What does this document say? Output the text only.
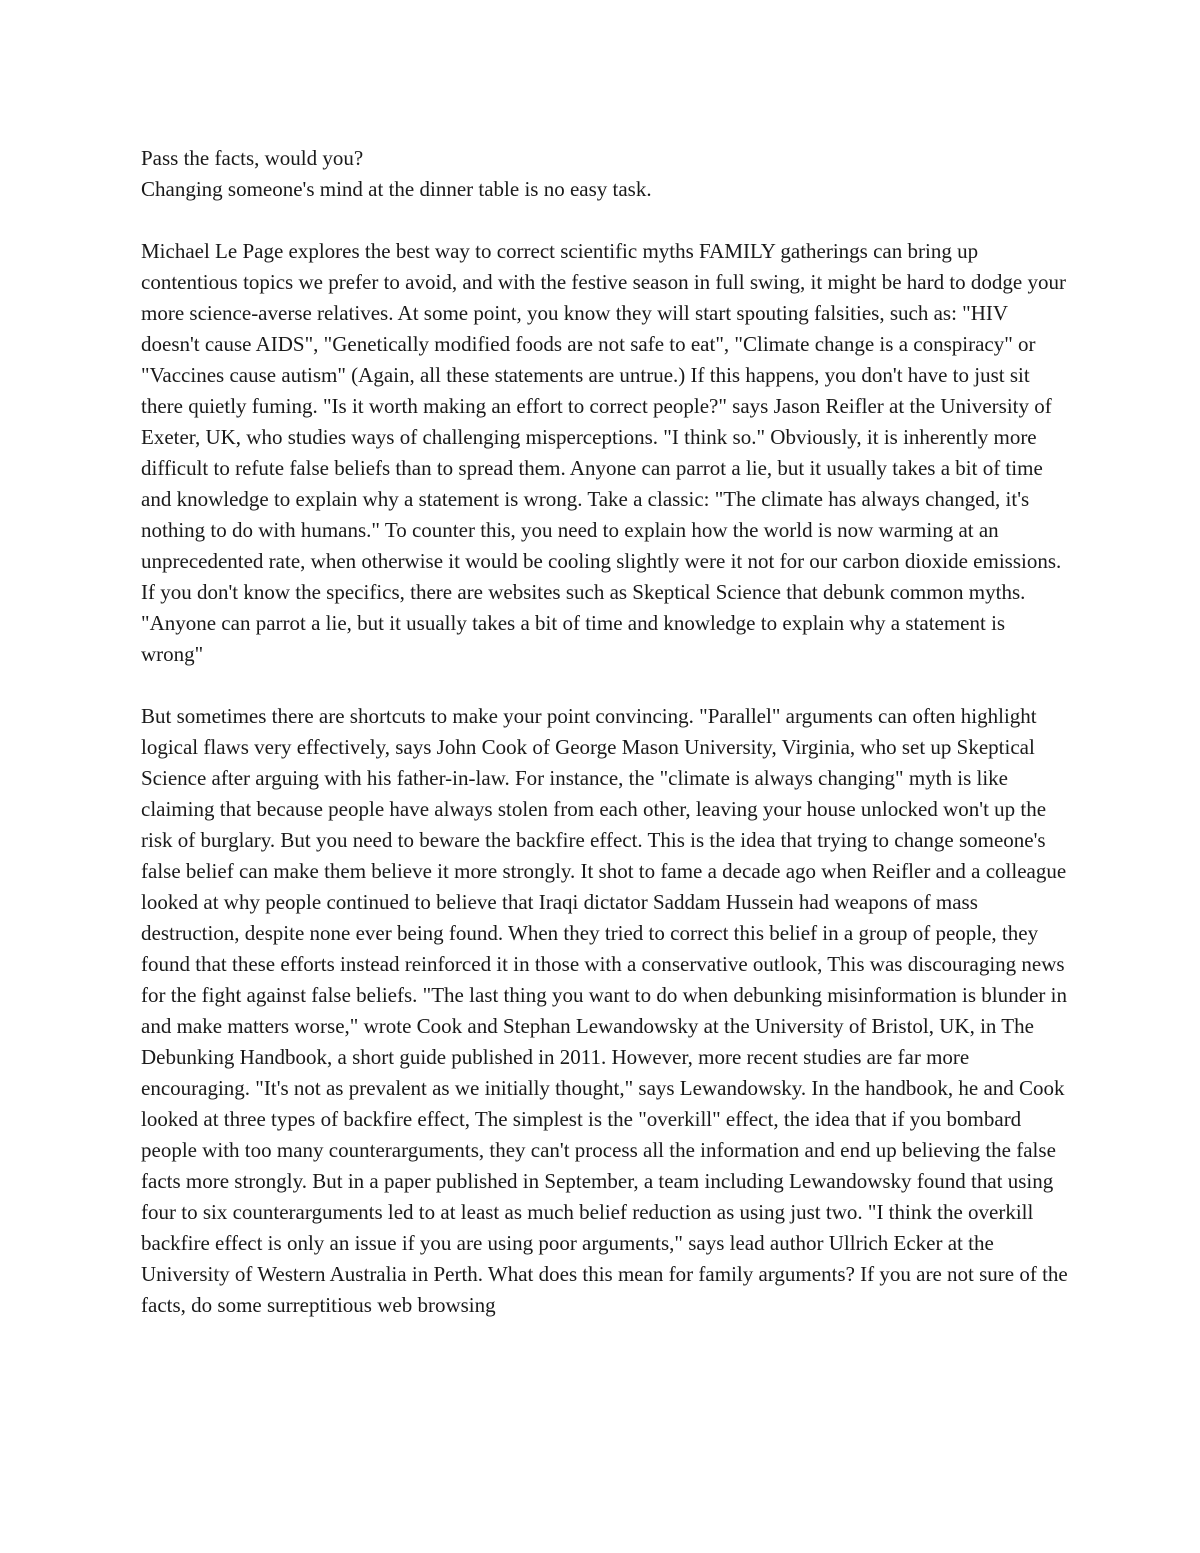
Pass the facts, would you?

Changing someone's mind at the dinner table is no easy task.

Michael Le Page explores the best way to correct scientific myths FAMILY gatherings can bring up contentious topics we prefer to avoid, and with the festive season in full swing, it might be hard to dodge your more science-averse relatives. At some point, you know they will start spouting falsities, such as: "HIV doesn't cause AIDS", "Genetically modified foods are not safe to eat", "Climate change is a conspiracy" or "Vaccines cause autism" (Again, all these statements are untrue.) If this happens, you don't have to just sit there quietly fuming. "Is it worth making an effort to correct people?" says Jason Reifler at the University of Exeter, UK, who studies ways of challenging misperceptions. "I think so." Obviously, it is inherently more difficult to refute false beliefs than to spread them. Anyone can parrot a lie, but it usually takes a bit of time and knowledge to explain why a statement is wrong. Take a classic: "The climate has always changed, it's nothing to do with humans." To counter this, you need to explain how the world is now warming at an unprecedented rate, when otherwise it would be cooling slightly were it not for our carbon dioxide emissions. If you don't know the specifics, there are websites such as Skeptical Science that debunk common myths. "Anyone can parrot a lie, but it usually takes a bit of time and knowledge to explain why a statement is wrong"

But sometimes there are shortcuts to make your point convincing. "Parallel" arguments can often highlight logical flaws very effectively, says John Cook of George Mason University, Virginia, who set up Skeptical Science after arguing with his father-in-law. For instance, the "climate is always changing" myth is like claiming that because people have always stolen from each other, leaving your house unlocked won't up the risk of burglary. But you need to beware the backfire effect. This is the idea that trying to change someone's false belief can make them believe it more strongly. It shot to fame a decade ago when Reifler and a colleague looked at why people continued to believe that Iraqi dictator Saddam Hussein had weapons of mass destruction, despite none ever being found. When they tried to correct this belief in a group of people, they found that these efforts instead reinforced it in those with a conservative outlook, This was discouraging news for the fight against false beliefs. "The last thing you want to do when debunking misinformation is blunder in and make matters worse," wrote Cook and Stephan Lewandowsky at the University of Bristol, UK, in The Debunking Handbook, a short guide published in 2011. However, more recent studies are far more encouraging. "It's not as prevalent as we initially thought," says Lewandowsky. In the handbook, he and Cook looked at three types of backfire effect, The simplest is the "overkill" effect, the idea that if you bombard people with too many counterarguments, they can't process all the information and end up believing the false facts more strongly. But in a paper published in September, a team including Lewandowsky found that using four to six counterarguments led to at least as much belief reduction as using just two. "I think the overkill backfire effect is only an issue if you are using poor arguments," says lead author Ullrich Ecker at the University of Western Australia in Perth. What does this mean for family arguments? If you are not sure of the facts, do some surreptitious web browsing
